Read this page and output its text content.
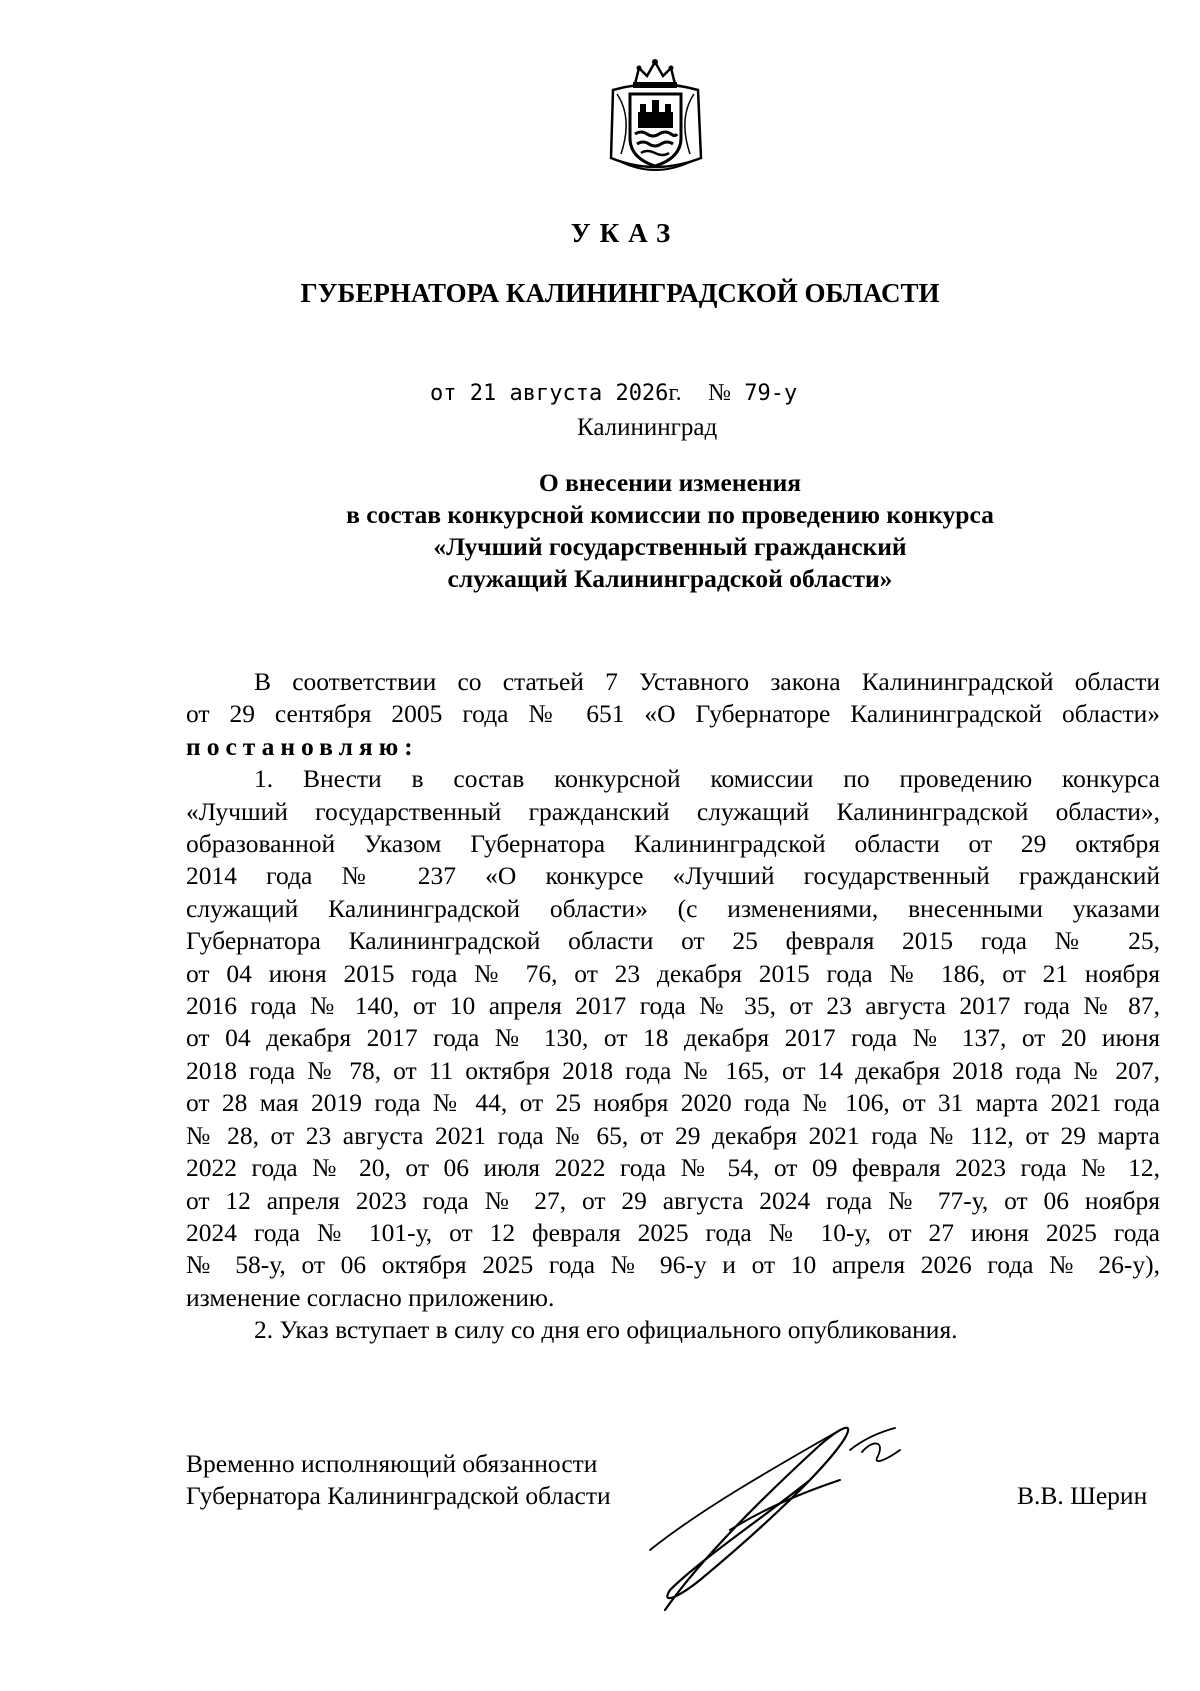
УКАЗ
ГУБЕРНАТОРА КАЛИНИНГРАДСКОЙ ОБЛАСТИ
от 21 августа 2026г. № 79-у
Калининград
О внесении изменения
в состав конкурсной комиссии по проведению конкурса
«Лучший государственный гражданский
служащий Калининградской области»

В соответствии со статьей 7 Уставного закона Калининградской области

от 29 сентября 2005 года № 651 «О Губернаторе Калининградской области»

постановляю:

1. Внести в состав конкурсной комиссии по проведению конкурса

«Лучший государственный гражданский служащий Калининградской области»,

образованной Указом Губернатора Калининградской области от 29 октября

2014 года № 237 «О конкурсе «Лучший государственный гражданский

служащий Калининградской области» (с изменениями, внесенными указами

Губернатора Калининградской области от 25 февраля 2015 года № 25,

от 04 июня 2015 года № 76, от 23 декабря 2015 года № 186, от 21 ноября

2016 года № 140, от 10 апреля 2017 года № 35, от 23 августа 2017 года № 87,

от 04 декабря 2017 года № 130, от 18 декабря 2017 года № 137, от 20 июня

2018 года № 78, от 11 октября 2018 года № 165, от 14 декабря 2018 года № 207,

от 28 мая 2019 года № 44, от 25 ноября 2020 года № 106, от 31 марта 2021 года

№ 28, от 23 августа 2021 года № 65, от 29 декабря 2021 года № 112, от 29 марта

2022 года № 20, от 06 июля 2022 года № 54, от 09 февраля 2023 года № 12,

от 12 апреля 2023 года № 27, от 29 августа 2024 года № 77-у, от 06 ноября

2024 года № 101-у, от 12 февраля 2025 года № 10-у, от 27 июня 2025 года

№ 58-у, от 06 октября 2025 года № 96-у и от 10 апреля 2026 года № 26-у),

изменение согласно приложению.

2. Указ вступает в силу со дня его официального опубликования.

Временно исполняющий обязанности
Губернатора Калининградской области	В.В. Шерин
